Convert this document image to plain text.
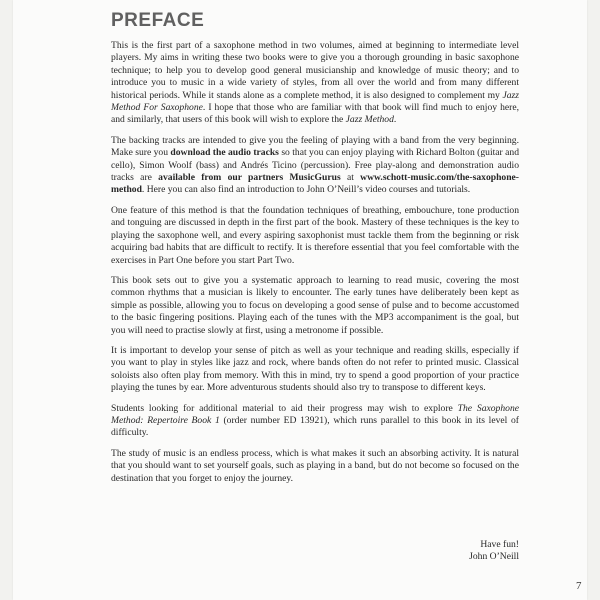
PREFACE

This is the first part of a saxophone method in two volumes, aimed at beginning to intermediate level players. My aims in writing these two books were to give you a thorough grounding in basic saxophone technique; to help you to develop good general musicianship and knowledge of music theory; and to introduce you to music in a wide variety of styles, from all over the world and from many different historical periods. While it stands alone as a complete method, it is also designed to complement my Jazz Method For Saxophone. I hope that those who are familiar with that book will find much to enjoy here, and similarly, that users of this book will wish to explore the Jazz Method.

The backing tracks are intended to give you the feeling of playing with a band from the very beginning. Make sure you download the audio tracks so that you can enjoy playing with Richard Bolton (guitar and cello), Simon Woolf (bass) and Andrés Ticino (percussion). Free play-along and demonstration audio tracks are available from our partners MusicGurus at www.schott-music.com/the-saxophone-method. Here you can also find an introduction to John O’Neill’s video courses and tutorials.

One feature of this method is that the foundation techniques of breathing, embouchure, tone production and tonguing are discussed in depth in the first part of the book. Mastery of these techniques is the key to playing the saxophone well, and every aspiring saxophonist must tackle them from the beginning or risk acquiring bad habits that are difficult to rectify. It is therefore essential that you feel comfortable with the exercises in Part One before you start Part Two.

This book sets out to give you a systematic approach to learning to read music, covering the most common rhythms that a musician is likely to encounter. The early tunes have deliberately been kept as simple as possible, allowing you to focus on developing a good sense of pulse and to become accustomed to the basic fingering positions. Playing each of the tunes with the MP3 accompaniment is the goal, but you will need to practise slowly at first, using a metronome if possible.

It is important to develop your sense of pitch as well as your technique and reading skills, especially if you want to play in styles like jazz and rock, where bands often do not refer to printed music. Classical soloists also often play from memory. With this in mind, try to spend a good proportion of your practice playing the tunes by ear. More adventurous students should also try to transpose to different keys.

Students looking for additional material to aid their progress may wish to explore The Saxophone Method: Repertoire Book 1 (order number ED 13921), which runs parallel to this book in its level of difficulty.

The study of music is an endless process, which is what makes it such an absorbing activity. It is natural that you should want to set yourself goals, such as playing in a band, but do not become so focused on the destination that you forget to enjoy the journey.

Have fun!
John O’Neill
7
